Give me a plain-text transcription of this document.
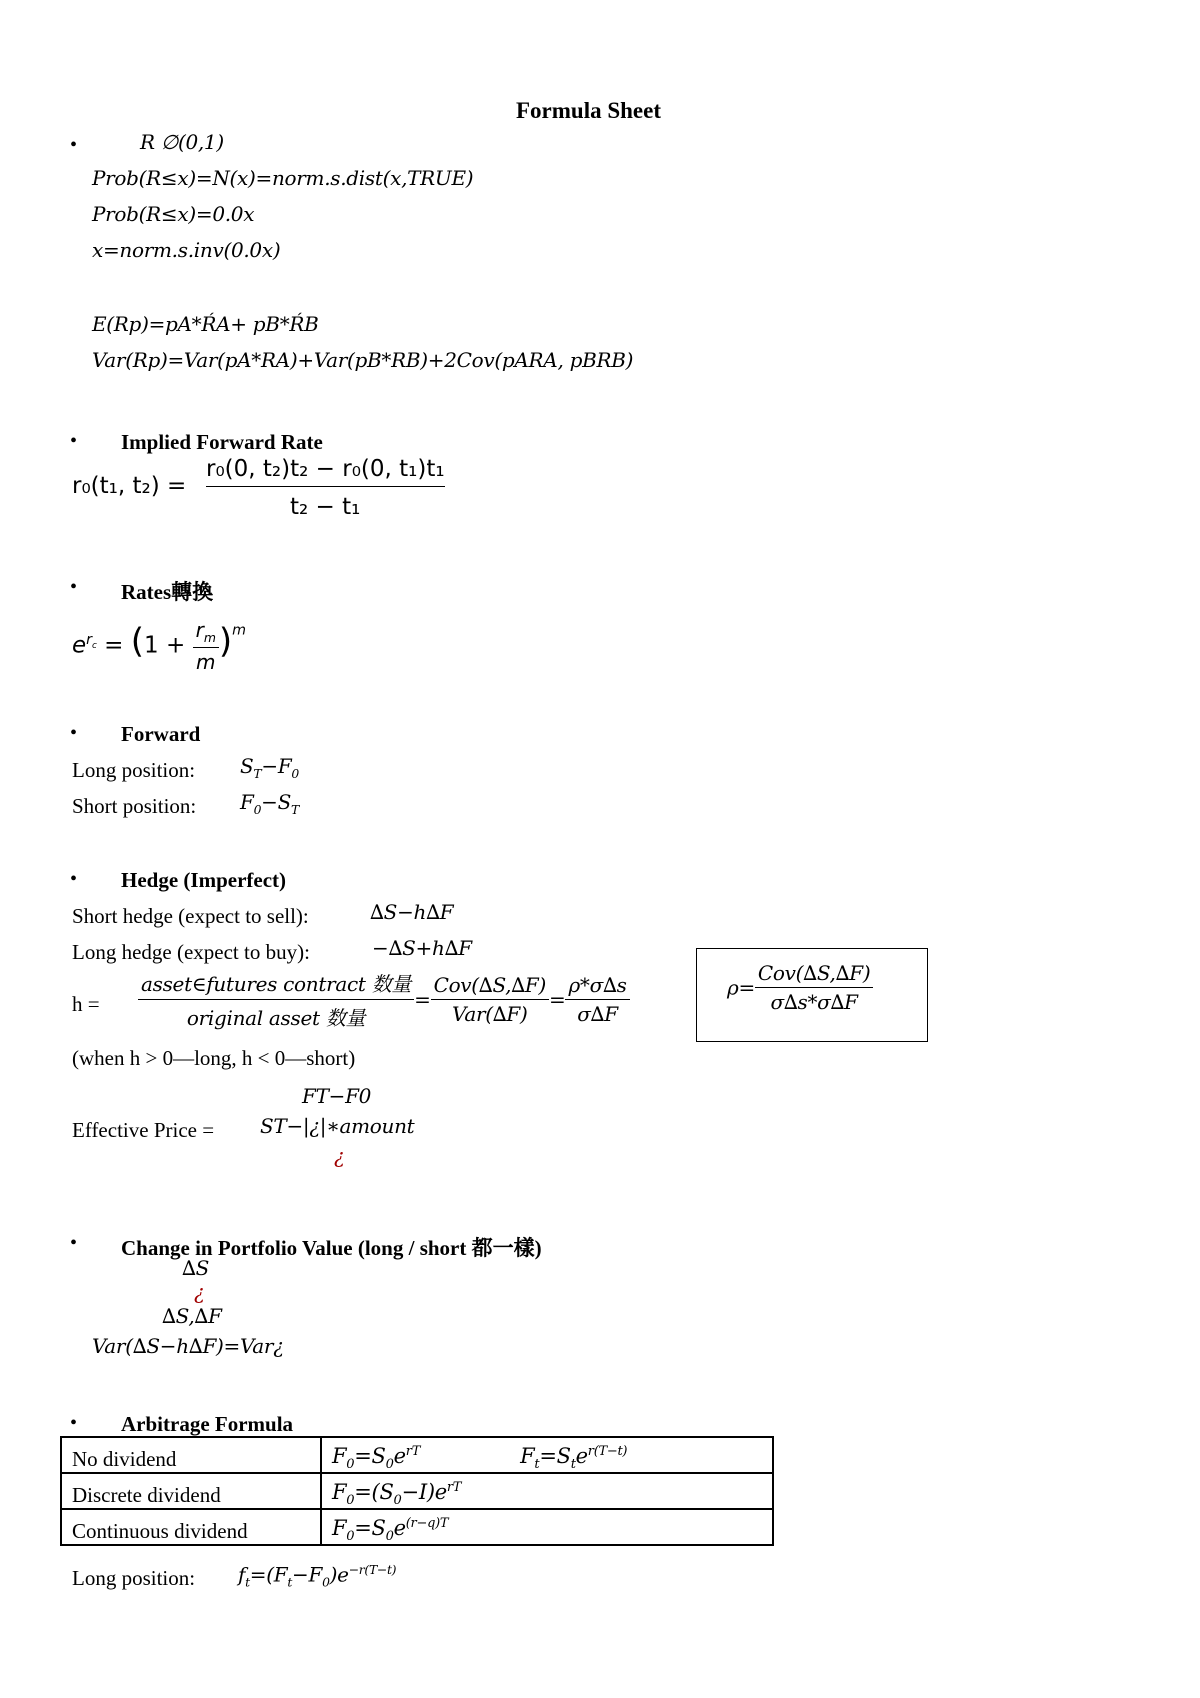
Formula Sheet
•	R ∅(0,1)
Prob(R≤x)=N(x)=norm.s.dist(x,TRUE)
Prob(R≤x)=0.0x
x=norm.s.inv(0.0x)
E(Rp)=pA*ŔA+ pB*ŔB
Var(Rp)=Var(pA*RA)+Var(pB*RB)+2Cov(pARA, pBRB)
• Implied Forward Rate
r₀(t₁, t₂) =
r₀(0, t₂)t₂ − r₀(0, t₁)t₁
t₂ − t₁
• Rates轉換
$e^{r_c} = (1 + \frac{r_m}{m} )^m$
• Forward
Long position: $S_T-F_0$
Short position: $F_0-S_T$
• Hedge (Imperfect)
Short hedge (expect to sell):	∆S−h∆F
Long hedge (expect to buy):	−∆S+h∆F
$h = \frac{\text{asset∈futures contract 数量}}{\text{original asset 数量}} = \frac{\text{Cov(∆S,∆F)}}{\text{Var(∆F)}} = \frac{\rho*\sigma\Delta s}{\sigma\Delta F}$	$\rho= \frac{\text{Cov(∆S,∆F)}}{\sigma\Delta s*\sigma\Delta F}$
(when h > 0—long, h < 0—short)
FT−F0
Effective Price = ST−|¿|∗amount
¿
• Change in Portfolio Value (long / short 都一樣)
∆S
¿
∆S,∆F
Var(∆S−h∆F)=Var¿
• Arbitrage Formula
No dividend	$F_0=S_0e^{rT}$ $F_t=S_te^{r(T-t)}$
Discrete dividend	$F_0=(S_0-I)e^{rT}$
Continuous dividend	$F_0=S_0e^{(r-q)T}$
Long position: $f_t=(F_t-F_0)e^{-r(T-t)}$
